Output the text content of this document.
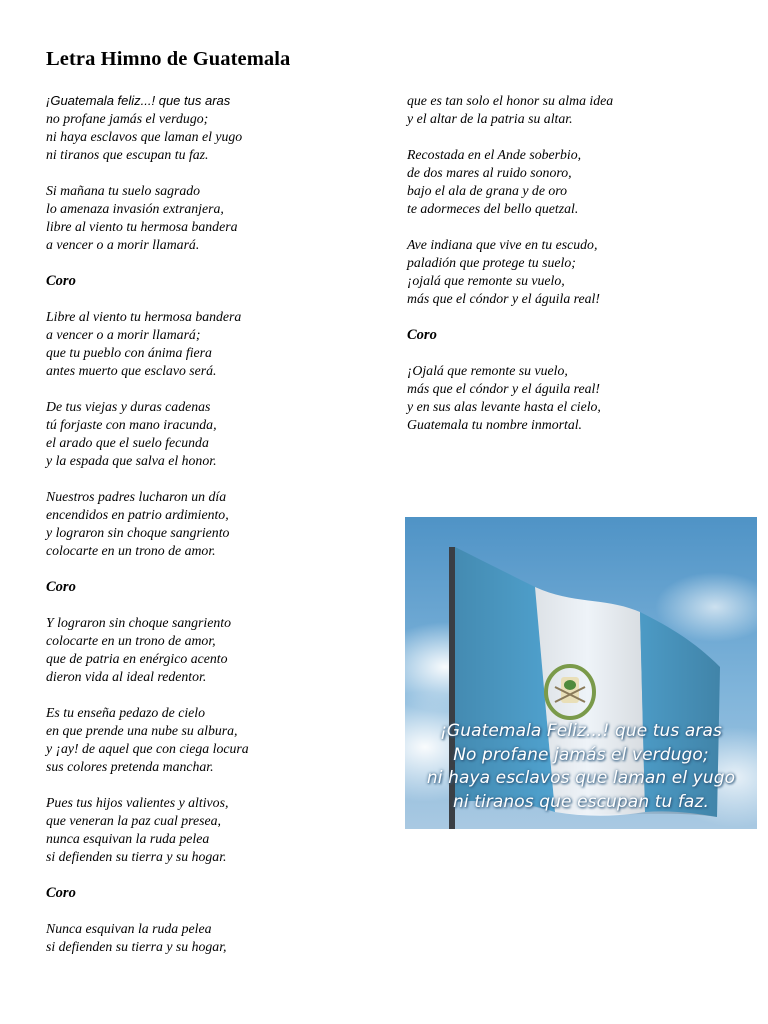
Letra Himno de Guatemala
¡Guatemala feliz...! que tus aras
no profane jamás el verdugo;
ni haya esclavos que laman el yugo
ni tiranos que escupan tu faz.
Si mañana tu suelo sagrado
lo amenaza invasión extranjera,
libre al viento tu hermosa bandera
a vencer o a morir llamará.
Coro
Libre al viento tu hermosa bandera
a vencer o a morir llamará;
que tu pueblo con ánima fiera
antes muerto que esclavo será.
De tus viejas y duras cadenas
tú forjaste con mano iracunda,
el arado que el suelo fecunda
y la espada que salva el honor.
Nuestros padres lucharon un día
encendidos en patrio ardimiento,
y lograron sin choque sangriento
colocarte en un trono de amor.
Coro
Y lograron sin choque sangriento
colocarte en un trono de amor,
que de patria en enérgico acento
dieron vida al ideal redentor.
Es tu enseña pedazo de cielo
en que prende una nube su albura,
y ¡ay! de aquel que con ciega locura
sus colores pretenda manchar.
Pues tus hijos valientes y altivos,
que veneran la paz cual presea,
nunca esquivan la ruda pelea
si defienden su tierra y su hogar.
Coro
Nunca esquivan la ruda pelea
si defienden su tierra y su hogar,
que es tan solo el honor su alma idea
y el altar de la patria su altar.
Recostada en el Ande soberbio,
de dos mares al ruido sonoro,
bajo el ala de grana y de oro
te adormeces del bello quetzal.
Ave indiana que vive en tu escudo,
paladión que protege tu suelo;
¡ojalá que remonte su vuelo,
más que el cóndor y el águila real!
Coro
¡Ojalá que remonte su vuelo,
más que el cóndor y el águila real!
y en sus alas levante hasta el cielo,
Guatemala tu nombre inmortal.
¡Guatemala Feliz...! que tus aras
No profane jamás el verdugo;
ni haya esclavos que laman el yugo
ni tiranos que escupan tu faz.
